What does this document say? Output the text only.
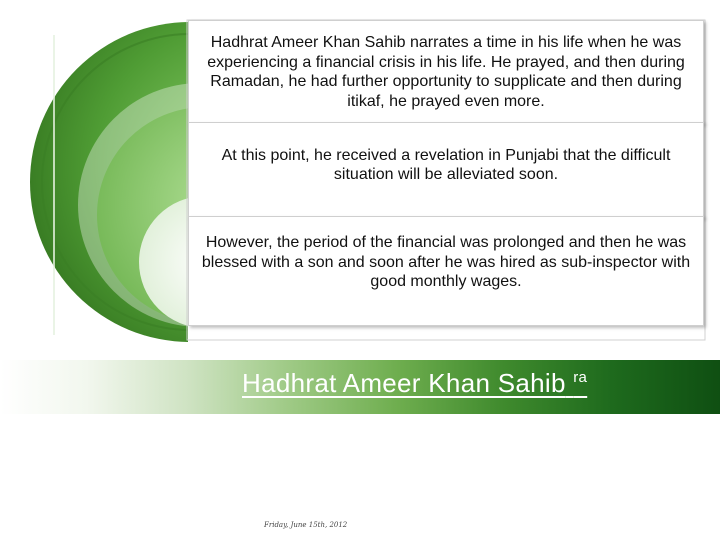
Hadhrat Ameer Khan Sahib narrates a time in his life when he was experiencing a financial crisis in his life. He prayed, and then during Ramadan, he had further opportunity to supplicate and then during itikaf, he prayed even more.
At this point, he received a revelation in Punjabi that the difficult situation will be alleviated soon.
However, the period of the financial was prolonged and then he was blessed with a son and soon after he was hired as sub-inspector with good monthly wages.
Hadhrat Ameer Khan Sahib $^{ra}$
Friday, June 15th, 2012
